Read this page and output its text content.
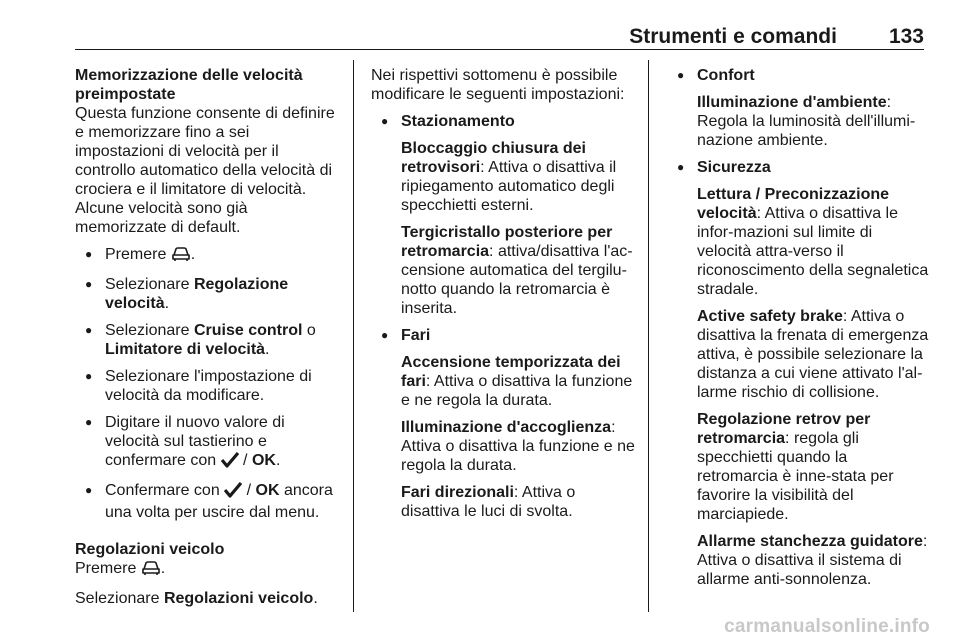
Strumenti e comandi 133

Memorizzazione delle velocità preimpostate

Questa funzione consente di definire e memorizzare fino a sei impostazioni di velocità per il controllo automatico della velocità di crociera e il limitatore di velocità. Alcune velocità sono già memorizzate di default.

● Premere .
● Selezionare Regolazione velocità.
● Selezionare Cruise control o Limitatore di velocità.
● Selezionare l'impostazione di velocità da modificare.
● Digitare il nuovo valore di velocità sul tastierino e confermare con  / OK.
● Confermare con  / OK ancora una volta per uscire dal menu.

Regolazioni veicolo

Premere .

Selezionare Regolazioni veicolo.

Nei rispettivi sottomenu è possibile modificare le seguenti impostazioni:

● Stazionamento

Bloccaggio chiusura dei retrovisori: Attiva o disattiva il ripiegamento automatico degli specchietti esterni.

Tergicristallo posteriore per retromarcia: attiva/disattiva l'ac-censione automatica del tergilu-notto quando la retromarcia è inserita.

● Fari

Accensione temporizzata dei fari: Attiva o disattiva la funzione e ne regola la durata.

Illuminazione d'accoglienza: Attiva o disattiva la funzione e ne regola la durata.

Fari direzionali: Attiva o disattiva le luci di svolta.

● Confort

Illuminazione d'ambiente: Regola la luminosità dell'illumi-nazione ambiente.

● Sicurezza

Lettura / Preconizzazione velocità: Attiva o disattiva le infor-mazioni sul limite di velocità attra-verso il riconoscimento della segnaletica stradale.

Active safety brake: Attiva o disattiva la frenata di emergenza attiva, è possibile selezionare la distanza a cui viene attivato l'al-larme rischio di collisione.

Regolazione retrov per retromarcia: regola gli specchietti quando la retromarcia è inne-stata per favorire la visibilità del marciapiede.

Allarme stanchezza guidatore: Attiva o disattiva il sistema di allarme anti-sonnolenza.

carmanualsonline.info
